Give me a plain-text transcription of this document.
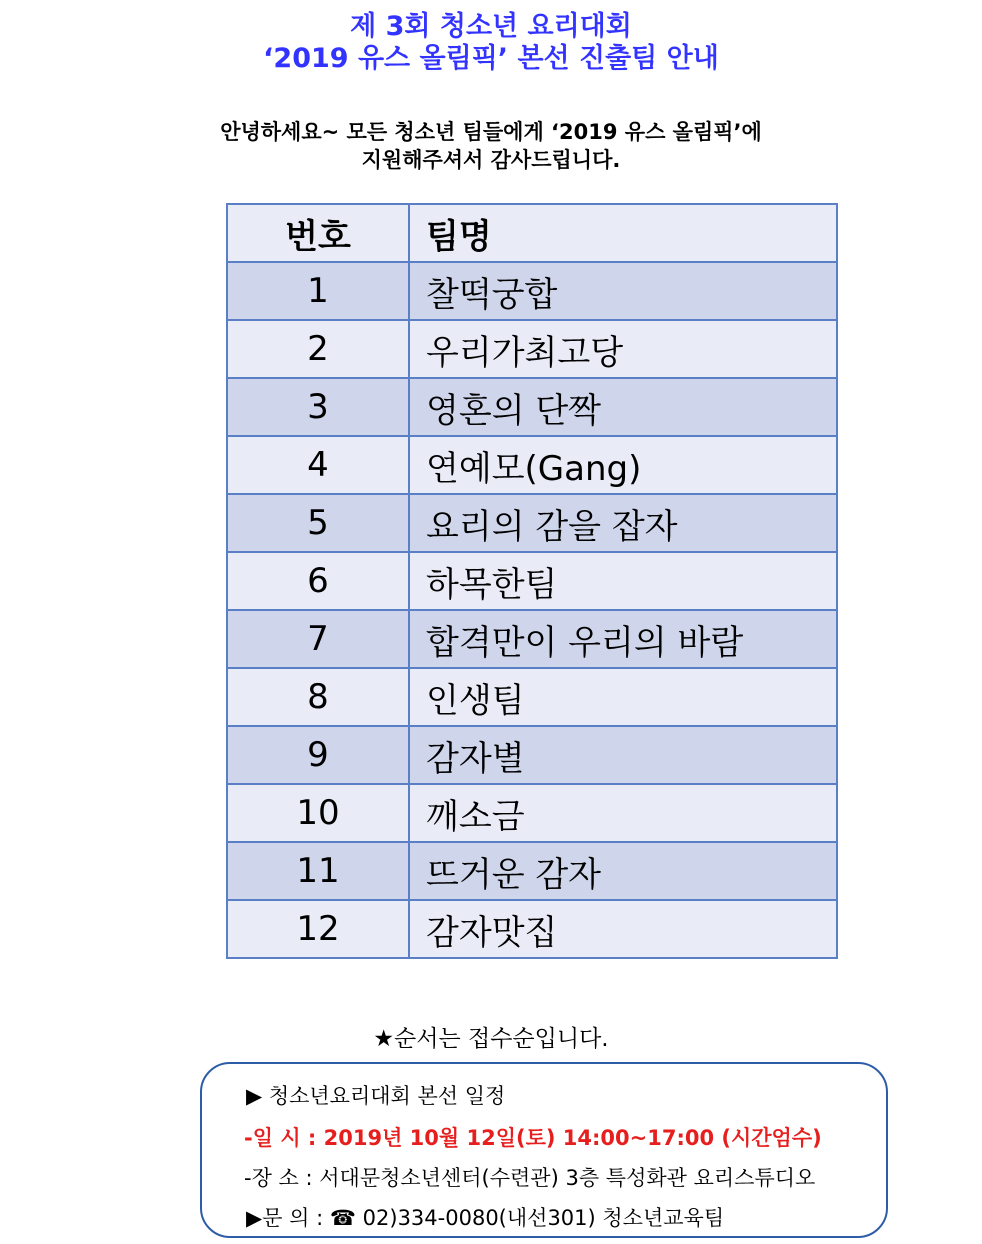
제 3회 청소년 요리대회
‘2019 유스 올림픽’ 본선 진출팀 안내
안녕하세요~ 모든 청소년 팀들에게 ‘2019 유스 올림픽’에
지원해주셔서 감사드립니다.
번호	팀명
1	찰떡궁합
2	우리가최고당
3	영혼의 단짝
4	연예모(Gang)
5	요리의 감을 잡자
6	하목한팀
7	합격만이 우리의 바람
8	인생팀
9	감자별
10	깨소금
11	뜨거운 감자
12	감자맛집
★순서는 접수순입니다.
▶ 청소년요리대회 본선 일정
-일 시 : 2019년 10월 12일(토) 14:00~17:00 (시간엄수)
-장 소 : 서대문청소년센터(수련관) 3층 특성화관 요리스튜디오
▶문 의 : ☎ 02)334-0080(내선301) 청소년교육팀
